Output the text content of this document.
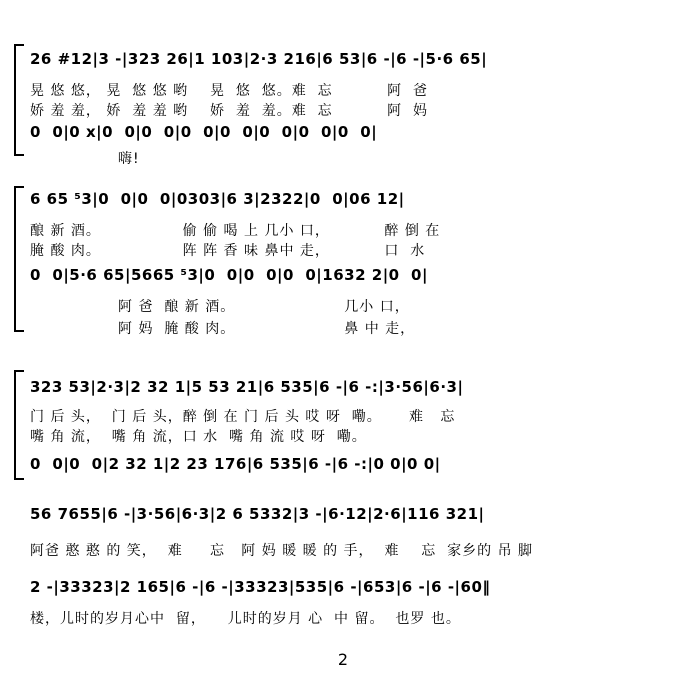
26 #12|3 -|323 26|1 103|2·3 216|6 53|6 -|6 -|5·6 65|
晃 悠 悠， 晃  悠 悠 哟    晃  悠  悠。难  忘          阿  爸
娇 羞 羞， 娇  羞 羞 哟    娇  羞  羞。难  忘          阿  妈
0  0|0 x|0  0|0  0|0  0|0  0|0  0|0  0|0  0|
嗨!
6 65 ⁵3|0  0|0  0|0303|6 3|2322|0  0|06 12|
酿 新 酒。               偷 偷 喝 上 几小 口，          醉 倒 在
腌 酸 肉。               阵 阵 香 味 鼻中 走，          口  水
0  0|5·6 65|5665 ⁵3|0  0|0  0|0  0|1632 2|0  0|
阿 爸  酿 新 酒。                    几小 口，
阿 妈  腌 酸 肉。                    鼻 中 走，
323 53|2·3|2 32 1|5 53 21|6 535|6 -|6 -:|3·56|6·3|
门 后 头，  门 后 头，醉 倒 在 门 后 头 哎 呀  嘞。     难   忘
嘴 角 流，  嘴 角 流，口 水  嘴 角 流 哎 呀  嘞。
0  0|0  0|2 32 1|2 23 176|6 535|6 -|6 -:|0 0|0 0|
56 7655|6 -|3·56|6·3|2 6 5332|3 -|6·12|2·6|116 321|
阿爸 憨 憨 的 笑，  难     忘   阿 妈 暖 暖 的 手，  难    忘  家乡的 吊 脚
2 -|33323|2 165|6 -|6 -|33323|535|6 -|653|6 -|6 -|60‖
楼，儿时的岁月心中  留，    儿时的岁月 心  中 留。  也罗 也。
2
